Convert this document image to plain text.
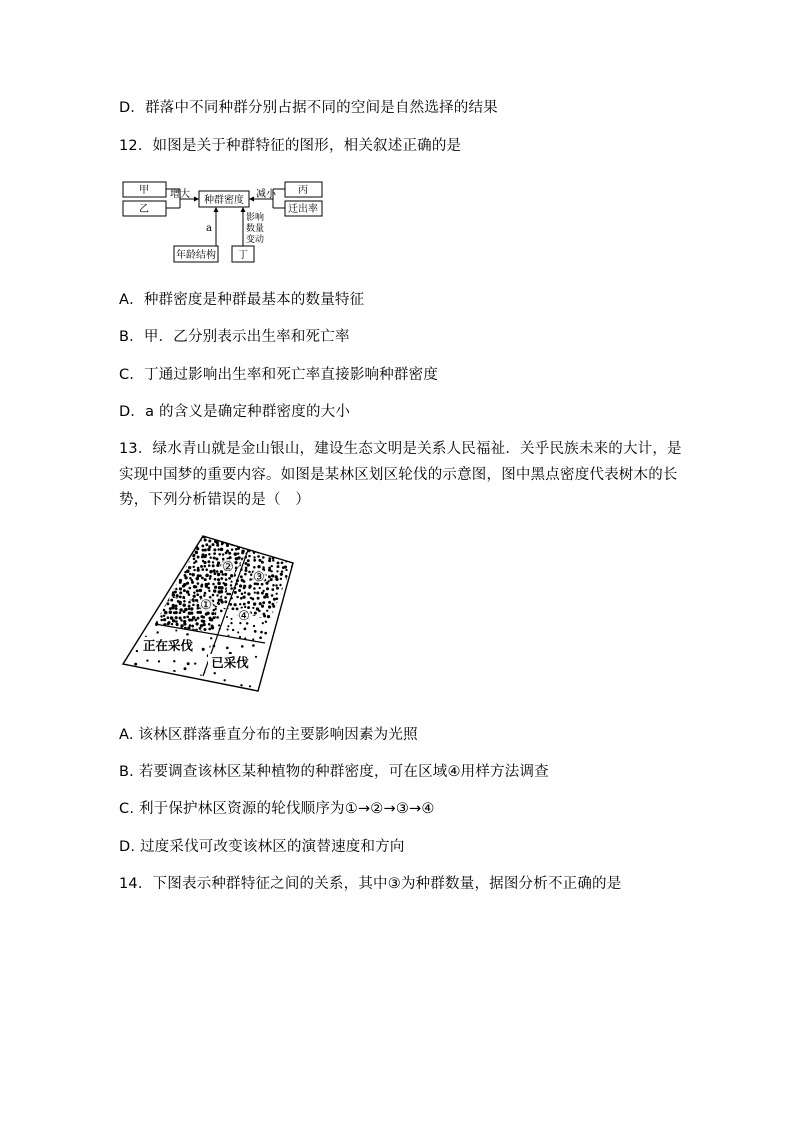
D．群落中不同种群分别占据不同的空间是自然选择的结果
12．如图是关于种群特征的图形，相关叙述正确的是
甲
乙
种群密度
丙
迁出率
年龄结构 丁
增大	减小
a
影响
数量
变动
A．种群密度是种群最基本的数量特征
B．甲．乙分别表示出生率和死亡率
C．丁通过影响出生率和死亡率直接影响种群密度
D．a 的含义是确定种群密度的大小
13．绿水青山就是金山银山，建设生态文明是关系人民福祉．关乎民族未来的大计，是
实现中国梦的重要内容。如图是某林区划区轮伐的示意图，图中黑点密度代表树木的长
势，下列分析错误的是（　）
②
③
①
④
正在采伐
已采伐
A. 该林区群落垂直分布的主要影响因素为光照
B. 若要调查该林区某种植物的种群密度，可在区域④用样方法调查
C. 利于保护林区资源的轮伐顺序为①→②→③→④
D. 过度采伐可改变该林区的演替速度和方向
14．下图表示种群特征之间的关系，其中③为种群数量，据图分析不正确的是
